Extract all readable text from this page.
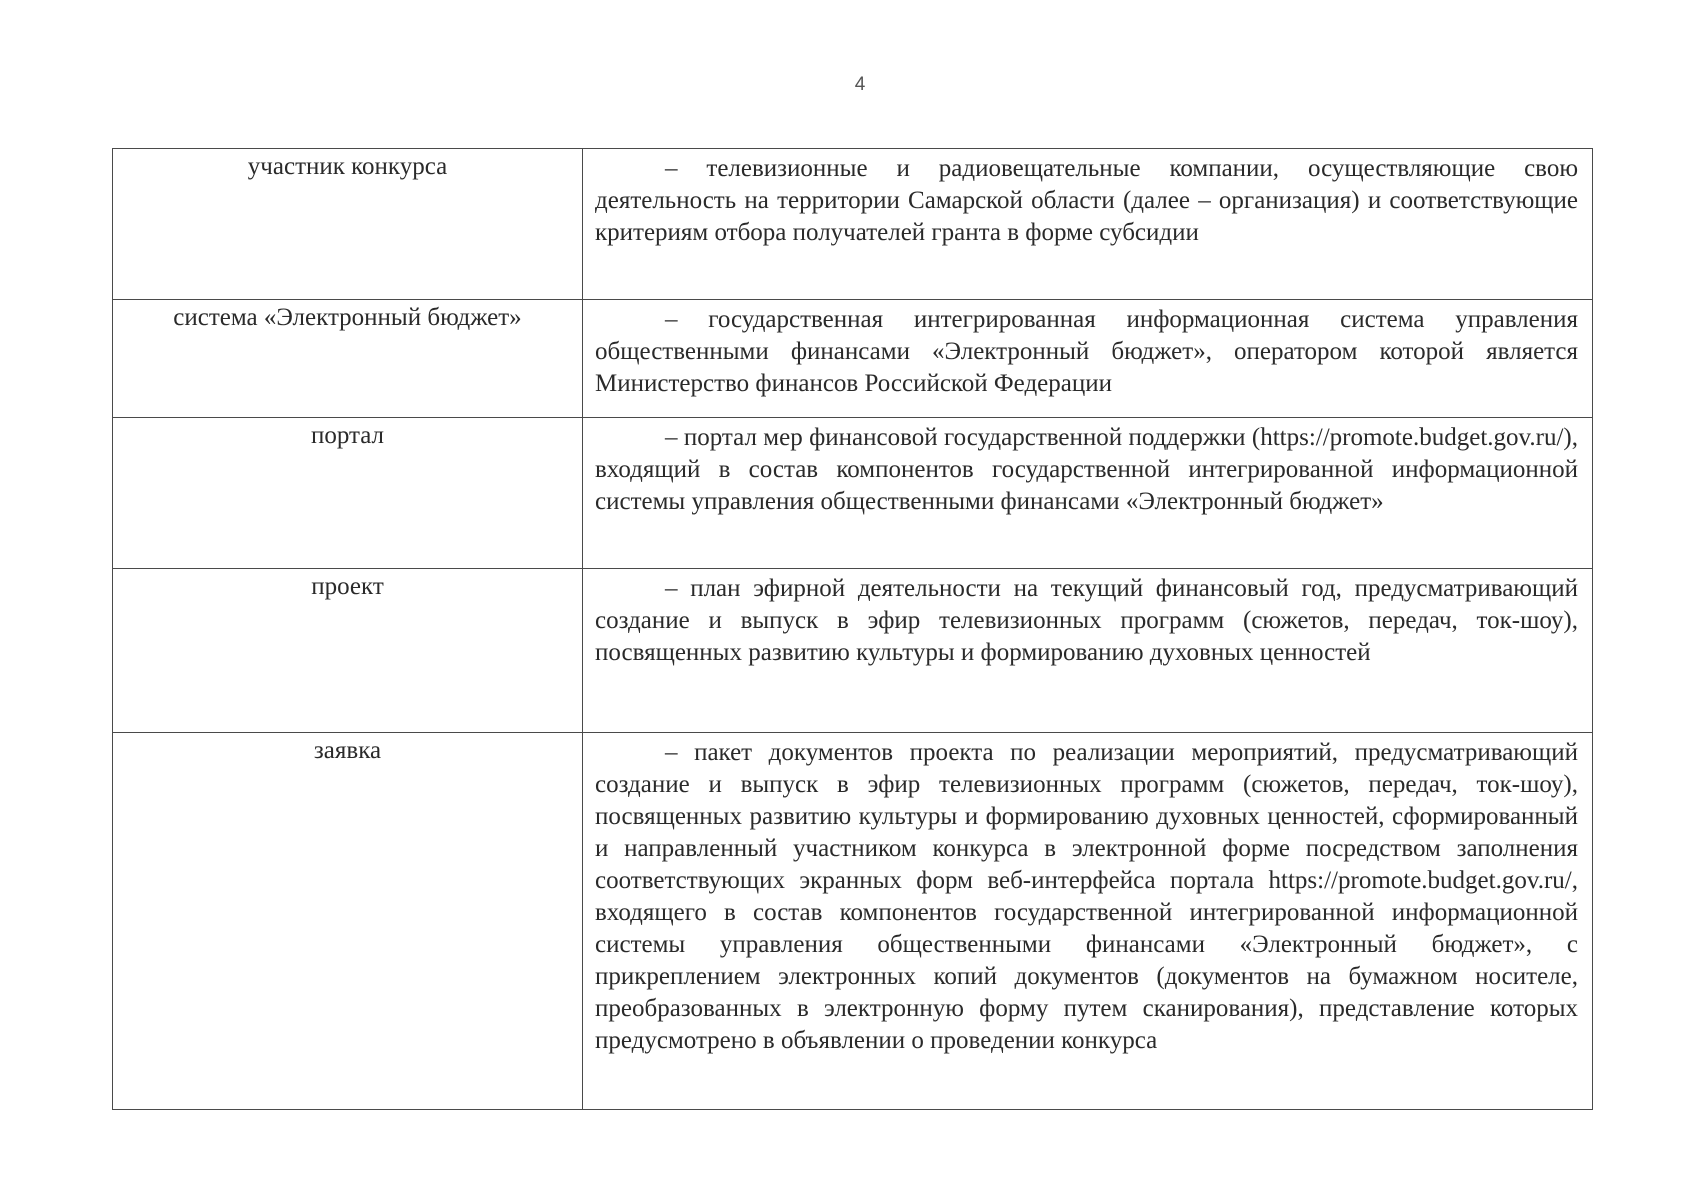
4
участник конкурса	– телевизионные и радиовещательные компании, осуществляющие свою деятельность на территории Самарской области (далее – организация) и соответствующие критериям отбора получателей гранта в форме субсидии

система «Электронный бюджет»	– государственная интегрированная информационная система управления общественными финансами «Электронный бюджет», оператором которой является Министерство финансов Российской Федерации

портал	– портал мер финансовой государственной поддержки (https://promote.budget.gov.ru/), входящий в состав компонентов государственной интегрированной информационной системы управления общественными финансами «Электронный бюджет»

проект	– план эфирной деятельности на текущий финансовый год, предусматривающий создание и выпуск в эфир телевизионных программ (сюжетов, передач, ток-шоу), посвященных развитию культуры и формированию духовных ценностей

заявка	– пакет документов проекта по реализации мероприятий, предусматривающий создание и выпуск в эфир телевизионных программ (сюжетов, передач, ток-шоу), посвященных развитию культуры и формированию духовных ценностей, сформированный и направленный участником конкурса в электронной форме посредством заполнения соответствующих экранных форм веб-интерфейса портала https://promote.budget.gov.ru/, входящего в состав компонентов государственной интегрированной информационной системы управления общественными финансами «Электронный бюджет», с прикреплением электронных копий документов (документов на бумажном носителе, преобразованных в электронную форму путем сканирования), представление которых предусмотрено в объявлении о проведении конкурса
